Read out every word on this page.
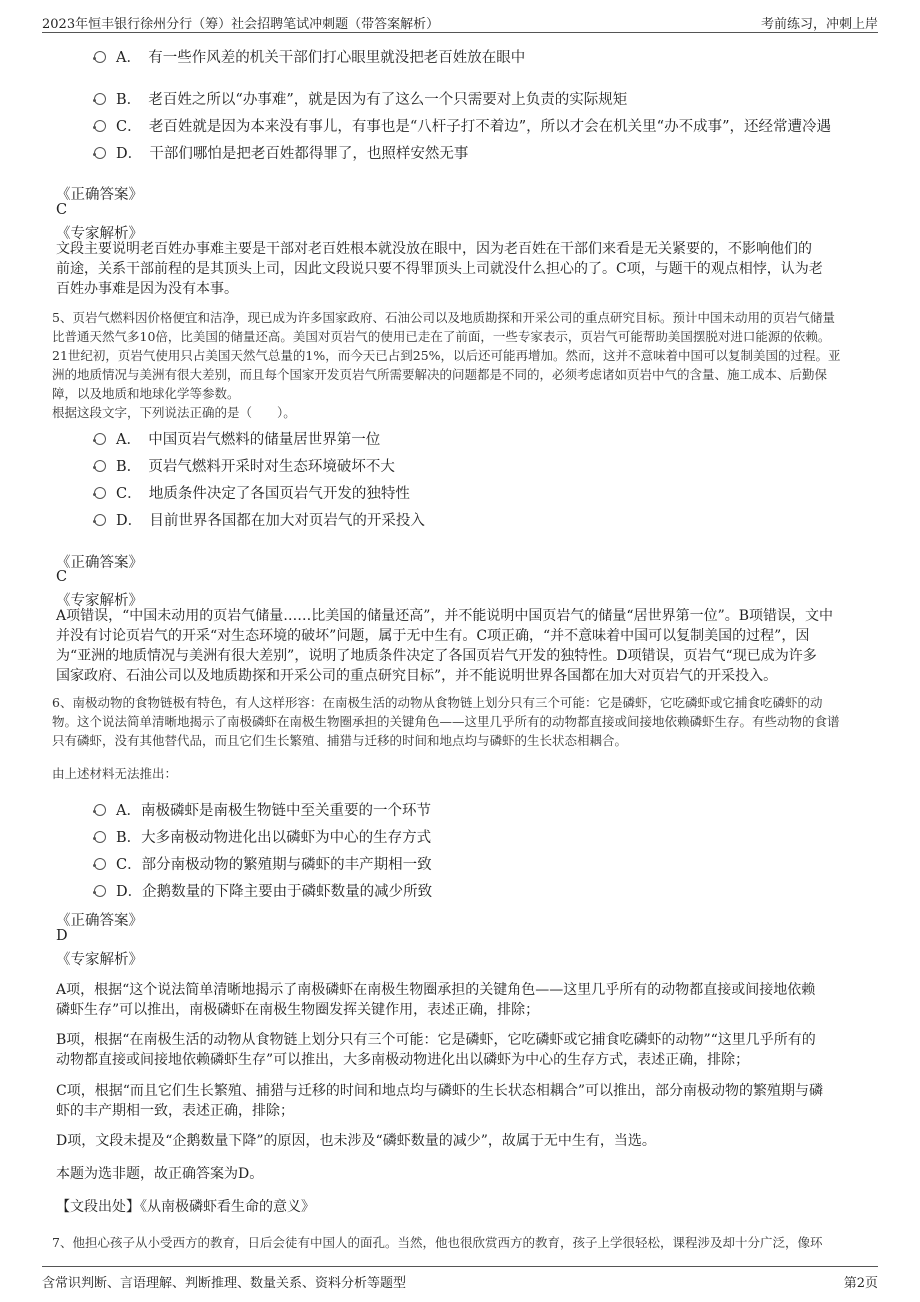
2023年恒丰银行徐州分行（筹）社会招聘笔试冲刺题（带答案解析）	考前练习，冲刺上岸
A．　 有一些作风差的机关干部们打心眼里就没把老百姓放在眼中
B．　 老百姓之所以“办事难”，就是因为有了这么一个只需要对上负责的实际规矩
C．　 老百姓就是因为本来没有事儿，有事也是“八杆子打不着边”，所以才会在机关里“办不成事”，还经常遭冷遇
D．　 干部们哪怕是把老百姓都得罪了，也照样安然无事
《正确答案》
C
《专家解析》
文段主要说明老百姓办事难主要是干部对老百姓根本就没放在眼中，因为老百姓在干部们来看是无关紧要的，不影响他们的
前途，关系干部前程的是其顶头上司，因此文段说只要不得罪顶头上司就没什么担心的了。C项，与题干的观点相悖，认为老
百姓办事难是因为没有本事。
5、页岩气燃料因价格便宜和洁净，现已成为许多国家政府、石油公司以及地质勘探和开采公司的重点研究目标。预计中国未动用的页岩气储量
比普通天然气多10倍，比美国的储量还高。美国对页岩气的使用已走在了前面，一些专家表示，页岩气可能帮助美国摆脱对进口能源的依赖。
21世纪初，页岩气使用只占美国天然气总量的1%，而今天已占到25%，以后还可能再增加。然而，这并不意味着中国可以复制美国的过程。亚
洲的地质情况与美洲有很大差别，而且每个国家开发页岩气所需要解决的问题都是不同的，必须考虑诸如页岩中气的含量、施工成本、后勤保
障，以及地质和地球化学等参数。
根据这段文字，下列说法正确的是（　　）。
A．　 中国页岩气燃料的储量居世界第一位
B．　 页岩气燃料开采时对生态环境破坏不大
C．　 地质条件决定了各国页岩气开发的独特性
D．　 目前世界各国都在加大对页岩气的开采投入
《正确答案》
C
《专家解析》
A项错误，“中国未动用的页岩气储量……比美国的储量还高”，并不能说明中国页岩气的储量“居世界第一位”。B项错误，文中
并没有讨论页岩气的开采“对生态环境的破坏”问题，属于无中生有。C项正确，“并不意味着中国可以复制美国的过程”，因
为“亚洲的地质情况与美洲有很大差别”，说明了地质条件决定了各国页岩气开发的独特性。D项错误，页岩气“现已成为许多
国家政府、石油公司以及地质勘探和开采公司的重点研究目标”，并不能说明世界各国都在加大对页岩气的开采投入。
6、南极动物的食物链极有特色，有人这样形容：在南极生活的动物从食物链上划分只有三个可能：它是磷虾，它吃磷虾或它捕食吃磷虾的动
物。这个说法简单清晰地揭示了南极磷虾在南极生物圈承担的关键角色——这里几乎所有的动物都直接或间接地依赖磷虾生存。有些动物的食谱
只有磷虾，没有其他替代品，而且它们生长繁殖、捕猎与迁移的时间和地点均与磷虾的生长状态相耦合。
由上述材料无法推出：
A．南极磷虾是南极生物链中至关重要的一个环节
B．大多南极动物进化出以磷虾为中心的生存方式
C．部分南极动物的繁殖期与磷虾的丰产期相一致
D．企鹅数量的下降主要由于磷虾数量的减少所致
《正确答案》
D
《专家解析》
A项，根据“这个说法简单清晰地揭示了南极磷虾在南极生物圈承担的关键角色——这里几乎所有的动物都直接或间接地依赖
磷虾生存”可以推出，南极磷虾在南极生物圈发挥关键作用，表述正确，排除；
B项，根据“在南极生活的动物从食物链上划分只有三个可能：它是磷虾，它吃磷虾或它捕食吃磷虾的动物”“这里几乎所有的
动物都直接或间接地依赖磷虾生存”可以推出，大多南极动物进化出以磷虾为中心的生存方式，表述正确，排除；
C项，根据“而且它们生长繁殖、捕猎与迁移的时间和地点均与磷虾的生长状态相耦合”可以推出，部分南极动物的繁殖期与磷
虾的丰产期相一致，表述正确，排除；
D项，文段未提及“企鹅数量下降”的原因，也未涉及“磷虾数量的减少”，故属于无中生有，当选。
本题为选非题，故正确答案为D。
【文段出处】《从南极磷虾看生命的意义》
7、他担心孩子从小受西方的教育，日后会徒有中国人的面孔。当然，他也很欣赏西方的教育，孩子上学很轻松，课程涉及却十分广泛，像环
含常识判断、言语理解、判断推理、数量关系、资料分析等题型	第2页
